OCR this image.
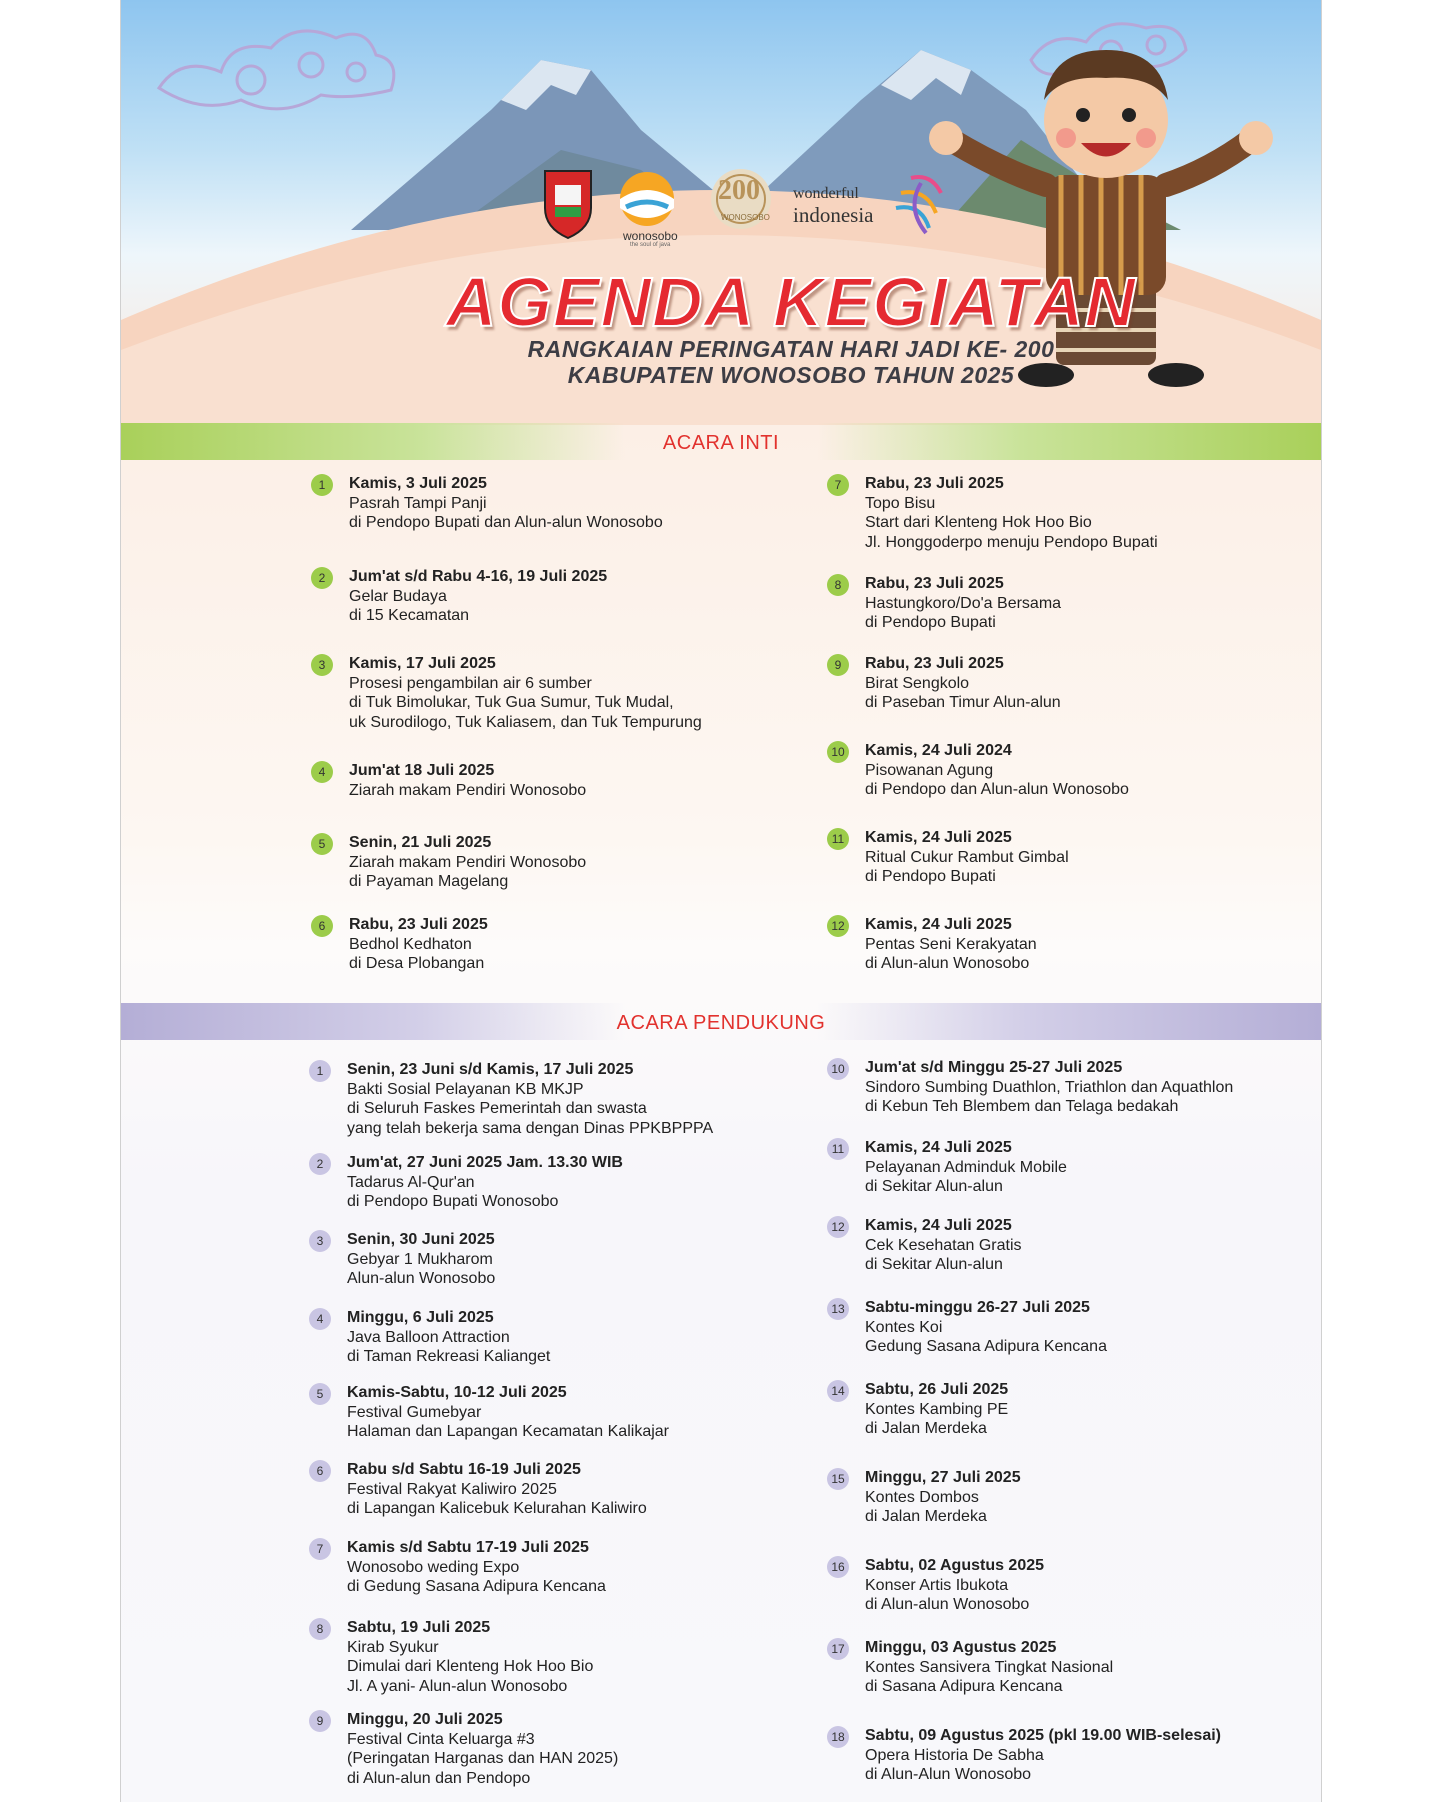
wonosobo
the soul of java
200
WONOSOBO
wonderful
indonesia
AGENDA KEGIATAN
RANGKAIAN PERINGATAN HARI JADI KE- 200
KABUPATEN WONOSOBO TAHUN 2025
ACARA INTI
ACARA PENDUKUNG
1	Kamis, 3 Juli 2025
Pasrah Tampi Panji
di Pendopo Bupati dan Alun-alun Wonosobo
2	Jum'at s/d Rabu 4-16, 19 Juli 2025
Gelar Budaya
di 15 Kecamatan
3	Kamis, 17 Juli 2025
Prosesi pengambilan air 6 sumber
di Tuk Bimolukar, Tuk Gua Sumur, Tuk Mudal,
uk Surodilogo, Tuk Kaliasem, dan Tuk Tempurung
4	Jum'at 18 Juli 2025
Ziarah makam Pendiri Wonosobo
5	Senin, 21 Juli 2025
Ziarah makam Pendiri Wonosobo
di Payaman Magelang
6	Rabu, 23 Juli 2025
Bedhol Kedhaton
di Desa Plobangan
7	Rabu, 23 Juli 2025
Topo Bisu
Start dari Klenteng Hok Hoo Bio
Jl. Honggoderpo menuju Pendopo Bupati
8	Rabu, 23 Juli 2025
Hastungkoro/Do'a Bersama
di Pendopo Bupati
9	Rabu, 23 Juli 2025
Birat Sengkolo
di Paseban Timur Alun-alun
10 Kamis, 24 Juli 2024
Pisowanan Agung
di Pendopo dan Alun-alun Wonosobo
11 Kamis, 24 Juli 2025
Ritual Cukur Rambut Gimbal
di Pendopo Bupati
12 Kamis, 24 Juli 2025
Pentas Seni Kerakyatan
di Alun-alun Wonosobo
1	Senin, 23 Juni s/d Kamis, 17 Juli 2025
Bakti Sosial Pelayanan KB MKJP
di Seluruh Faskes Pemerintah dan swasta
yang telah bekerja sama dengan Dinas PPKBPPPA
2	Jum'at, 27 Juni 2025 Jam. 13.30 WIB
Tadarus Al-Qur'an
di Pendopo Bupati Wonosobo
3	Senin, 30 Juni 2025
Gebyar 1 Mukharom
Alun-alun Wonosobo
4	Minggu, 6 Juli 2025
Java Balloon Attraction
di Taman Rekreasi Kalianget
5	Kamis-Sabtu, 10-12 Juli 2025
Festival Gumebyar
Halaman dan Lapangan Kecamatan Kalikajar
6	Rabu s/d Sabtu 16-19 Juli 2025
Festival Rakyat Kaliwiro 2025
di Lapangan Kalicebuk Kelurahan Kaliwiro
7	Kamis s/d Sabtu 17-19 Juli 2025
Wonosobo weding Expo
di Gedung Sasana Adipura Kencana
8	Sabtu, 19 Juli 2025
Kirab Syukur
Dimulai dari Klenteng Hok Hoo Bio
Jl. A yani- Alun-alun Wonosobo
9	Minggu, 20 Juli 2025
Festival Cinta Keluarga #3
(Peringatan Harganas dan HAN 2025)
di Alun-alun dan Pendopo
10 Jum'at s/d Minggu 25-27 Juli 2025
Sindoro Sumbing Duathlon, Triathlon dan Aquathlon
di Kebun Teh Blembem dan Telaga bedakah
11 Kamis, 24 Juli 2025
Pelayanan Adminduk Mobile
di Sekitar Alun-alun
12 Kamis, 24 Juli 2025
Cek Kesehatan Gratis
di Sekitar Alun-alun
13 Sabtu-minggu 26-27 Juli 2025
Kontes Koi
Gedung Sasana Adipura Kencana
14 Sabtu, 26 Juli 2025
Kontes Kambing PE
di Jalan Merdeka
15 Minggu, 27 Juli 2025
Kontes Dombos
di Jalan Merdeka
16 Sabtu, 02 Agustus 2025
Konser Artis Ibukota
di Alun-alun Wonosobo
17 Minggu, 03 Agustus 2025
Kontes Sansivera Tingkat Nasional
di Sasana Adipura Kencana
18 Sabtu, 09 Agustus 2025 (pkl 19.00 WIB-selesai)
Opera Historia De Sabha
di Alun-Alun Wonosobo
